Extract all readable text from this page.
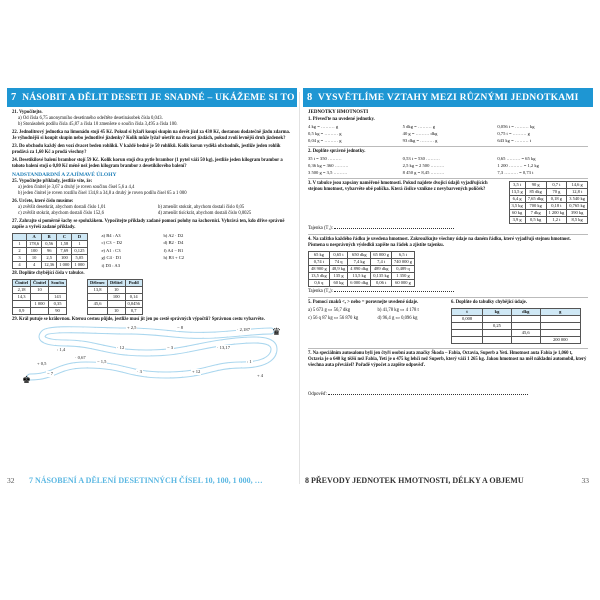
7 NÁSOBIT A DĚLIT DESETI JE SNADNÉ – UKÁŽEME SI TO
21. Vypočítejte.
a) Od čísla 6,75 anonymního desetinného odečtěte desetinásobek čísla 0,043.
b) Stonásobek podílu čísla 45,87 a čísla 10 zmenšete o součin čísla 3,495 a čísla 100.
22. Jednolitrový jednotka na limonádu stojí 45 Kč. Pokud si lyžaři koupí skupin na devět jízd za 430 Kč, dostanou dodatečně jízdu zdarma. Je výhodnější si koupit skupin nebo jednotlivé jízdenky? Kolik může lyžař ušetřit na dvaceti jízdách, pokud zvolí levnější druh jízdenek?
23. Do obchodu každý den vozí dvacet beden rohlíků. V každé bedně je 50 rohlíků. Kolik korun vydělá obchodník, jestliže jeden rohlík prodává za 1,60 Kč a prodá všechny?
24. Desetikilové balení brambor stojí 59 Kč. Kolik korun stojí dva pytle brambor (1 pytel váží 50 kg), jestliže jeden kilogram brambor a tohoto balení stojí o 0,80 Kč méně než jeden kilogram brambor z desetikilového balení?
NADSTANDARDNÍ A ZAJÍMAVÉ ÚLOHY
25. Vypočítejte příklady, jestliže víte, že:
a) jeden činitel je 3,67 a druhý je roven součinu čísel 5,6 a 4,4
b) jeden činitel je roven rozdílu čísel 134,8 a 34,8 a druhý je roven podílu čísel 65 a 1 000
26. Určete, které číslo musíme:
a) zvětšit desetkrát, abychom dostali číslo 1,01	b) zmenšit stokrát, abychom dostali číslo 0,05
c) zvětšit stokrát, abychom dostali číslo 152,6	d) zmenšit tisíckrát, abychom dostali číslo 0,0025
27. Zahrajte si poměrně šachy se spolužákem. Vypočítejte příklady zadané pomocí polohy na šachovnici. Vyhrává ten, kdo dříve správně zapíše a vyřeší zadané příklady.
	A	B	C	D
1	178,6	0,56	1,58	1
2	100	96	7,69	0,125
3	10	2,5	100	5,05
4	4	12,36	1 000	1 000
a) B4 : A3	b) A2 · D2
c) C3 − D2	d) B2 · D4
e) A1 : C3	f) A4 − B1
g) C4 · D1	h) B3 + C2
i) D3 : A3
28. Doplňte chybějící čísla v tabulce.
Činitel	Činitel	Součin
2,18	10	
14,3		143
	1 000	0,35
0,9		90
Dělenec	Dělitel	Podíl
13,8	10	
	100	0,14
45,6		0,0456
	10	0,7
29. Král putuje se královnou. Kterou cestou půjde, jestliže musí jít jen po cestě správných výpočtů? Správnou cestu vybarvěte.
♚
♛
· 0,67
+ 2,5	− 8	· 2,187
· 13,17
− 3
· 12
: 1,4
+ 0,5	− 1,5
· 3	+ 12
: 1
+ 4
− 7
32 7 NÁSOBENÍ A DĚLENÍ DESETINNÝCH ČÍSEL 10, 100, 1 000, …
8 VYSVĚTLÍME VZTAHY MEZI RŮZNÝMI JEDNOTKAMI
JEDNOTKY HMOTNOSTI
1. Převeďte na uvedené jednotky.
4 kg = ……… g	5 dkg = ……… g	0,056 t = ……… kg
0,5 kg = ……… g	40 g = ……… dkg	0,75 t = ……… g
0,04 g = ……… g	93 dkg = ……… g	643 kg = ……… t
2. Doplňte správné jednotky.
35 t = 350 ………	0,53 t = 530 ………	0,65 ……… = 65 kg
0,36 kg = 360 ………	2,5 kg = 2 500 ………	1 200 ……… = 1,2 kg
3 500 g = 3,5 ………	8 450 g = 8,45 ………	7,3 ……… = 0,73 t
3. V tabulce jsou zapsány naměřené hmotnosti. Pokud najdete dvojici údajů vyjadřujících stejnou hmotnost, vybarvěte obě políčka. Která čísilce vznikne z nevybarvených políček?
3,5 t	90 g	0,7 t	14,6 g
13,5 g	85 dkg	70 g	12,8 t
6,4 g	7,65 dkg	0,18 g	3 540 kg
3,5 kg	700 kg	0,18 t	0,765 kg
60 kg	7 dkg	1 200 kg	390 kg
3,9 g	0,5 kg	1,2 t	8,5 kg
Tajenka (T₁):
4. Na zalžtko každého řádku je uvedena hmotnost. Zakroužkujte všechny údaje na daném řádku, které vyjadřují stejnou hmotnost. Písmena u nesprávných výsledků zapište na řádek a zjistíte tajenku.
65 kg	0,65 t	650 dkg	65 000 g	6,5 t
0,74 t	74 q	7,4 kg	7,4 t	740 000 g
48 900 g	48,9 kg	4 890 dkg	489 dkg	0,489 q
13,5 dkg	135 g	13,5 kg	0,135 kg	1 350 g
0,6 q	60 kg	6 000 dkg	0,06 t	60 000 g
Tajenka (T₂):
5. Pomocí znaků <, > nebo = porovnejte uvedené údaje.
a) 5 673 g ▭ 56,7 dkg	b) 41,78 kg ▭ 4 178 t
c) 56 q 87 kg ▭ 56 870 kg	d) 96,4 g ▭ 0,096 kg
6. Doplňte do tabulky chybějící údaje.
t	kg	dkg	g
0,008			
	0,25		
		45,6	
			200 000
7. Na speciálním autosalonu byli jen čtyři osobní auta značky Škoda – Fabia, Octavia, Superb a Yeti. Hmotnost auta Fabia je 1,060 t, Octavia je o 640 kg těžší než Fabia, Yeti je o 475 kg lehčí než Superb, který váží 1 265 kg. Jakou hmotnost na měl nákladní automobil, který všechna auta převážel? Pořadě výpočet a zapište odpověď.
Odpověď:
8 PŘEVODY JEDNOTEK HMOTNOSTI, DÉLKY A OBJEMU	33
